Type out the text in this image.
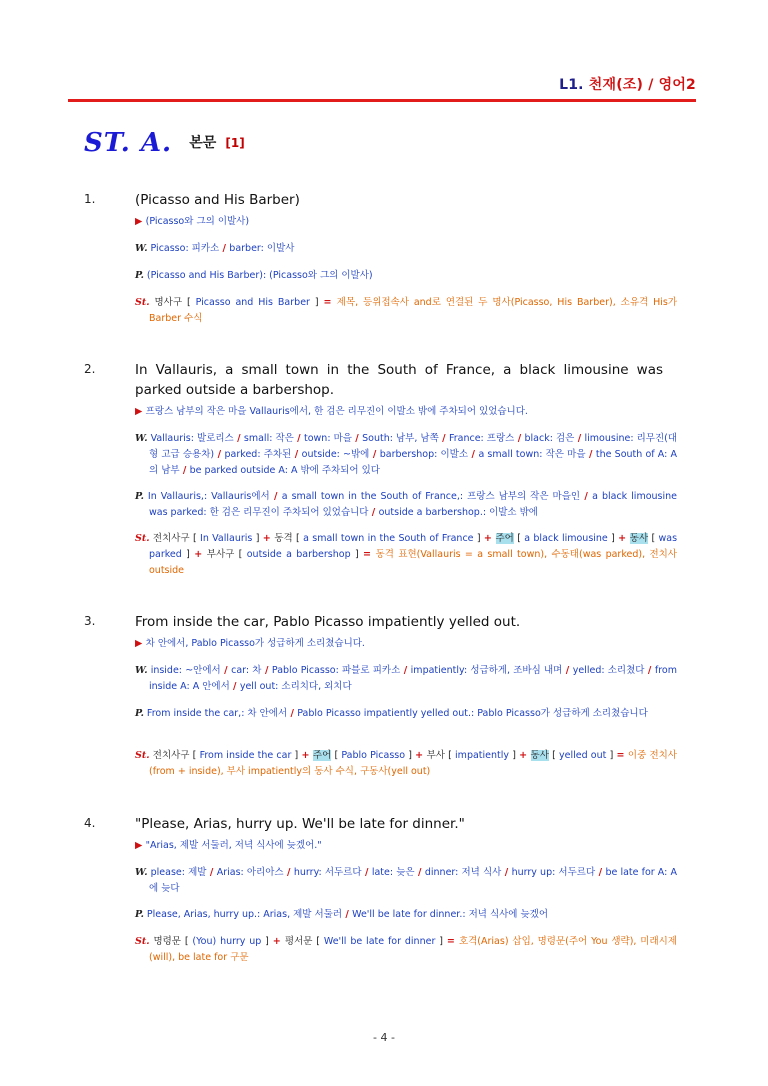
L1. 천재(조) / 영어2
ST. A. 본문 [1]
1.	(Picasso and His Barber)
▶ (Picasso와 그의 이발사)
W. Picasso: 피카소 / barber: 이발사
P. (Picasso and His Barber): (Picasso와 그의 이발사)
St. 명사구 [ Picasso and His Barber ] = 제목, 등위접속사 and로 연결된 두 명사(Picasso, His Barber), 소유격 His가 Barber 수식
2.	In Vallauris, a small town in the South of France, a black limousine was parked outside a barbershop.
▶ 프랑스 남부의 작은 마을 Vallauris에서, 한 검은 리무진이 이발소 밖에 주차되어 있었습니다.
W. Vallauris: 발로리스 / small: 작은 / town: 마을 / South: 남부, 남쪽 / France: 프랑스 / black: 검은 / limousine: 리무진(대형 고급 승용차) / parked: 주차된 / outside: ~밖에 / barbershop: 이발소 / a small town: 작은 마을 / the South of A: A의 남부 / be parked outside A: A 밖에 주차되어 있다
P. In Vallauris,: Vallauris에서 / a small town in the South of France,: 프랑스 남부의 작은 마을인 / a black limousine was parked: 한 검은 리무진이 주차되어 있었습니다 / outside a barbershop.: 이발소 밖에
St. 전치사구 [ In Vallauris ] + 동격 [ a small town in the South of France ] + 주어 [ a black limousine ] + 동사 [ was parked ] + 부사구 [ outside a barbershop ] = 동격 표현(Vallauris = a small town), 수동태(was parked), 전치사 outside
3.	From inside the car, Pablo Picasso impatiently yelled out.
▶ 차 안에서, Pablo Picasso가 성급하게 소리쳤습니다.
W. inside: ~안에서 / car: 차 / Pablo Picasso: 파블로 피카소 / impatiently: 성급하게, 조바심 내며 / yelled: 소리쳤다 / from inside A: A 안에서 / yell out: 소리치다, 외치다
P. From inside the car,: 차 안에서 / Pablo Picasso impatiently yelled out.: Pablo Picasso가 성급하게 소리쳤습니다
St. 전치사구 [ From inside the car ] + 주어 [ Pablo Picasso ] + 부사 [ impatiently ] + 동사 [ yelled out ] = 이중 전치사(from + inside), 부사 impatiently의 동사 수식, 구동사(yell out)
4.	"Please, Arias, hurry up. We'll be late for dinner."
▶ "Arias, 제발 서둘러, 저녁 식사에 늦겠어."
W. please: 제발 / Arias: 아리아스 / hurry: 서두르다 / late: 늦은 / dinner: 저녁 식사 / hurry up: 서두르다 / be late for A: A에 늦다
P. Please, Arias, hurry up.: Arias, 제발 서둘러 / We'll be late for dinner.: 저녁 식사에 늦겠어
St. 명령문 [ (You) hurry up ] + 평서문 [ We'll be late for dinner ] = 호격(Arias) 삽입, 명령문(주어 You 생략), 미래시제(will), be late for 구문
- 4 -
